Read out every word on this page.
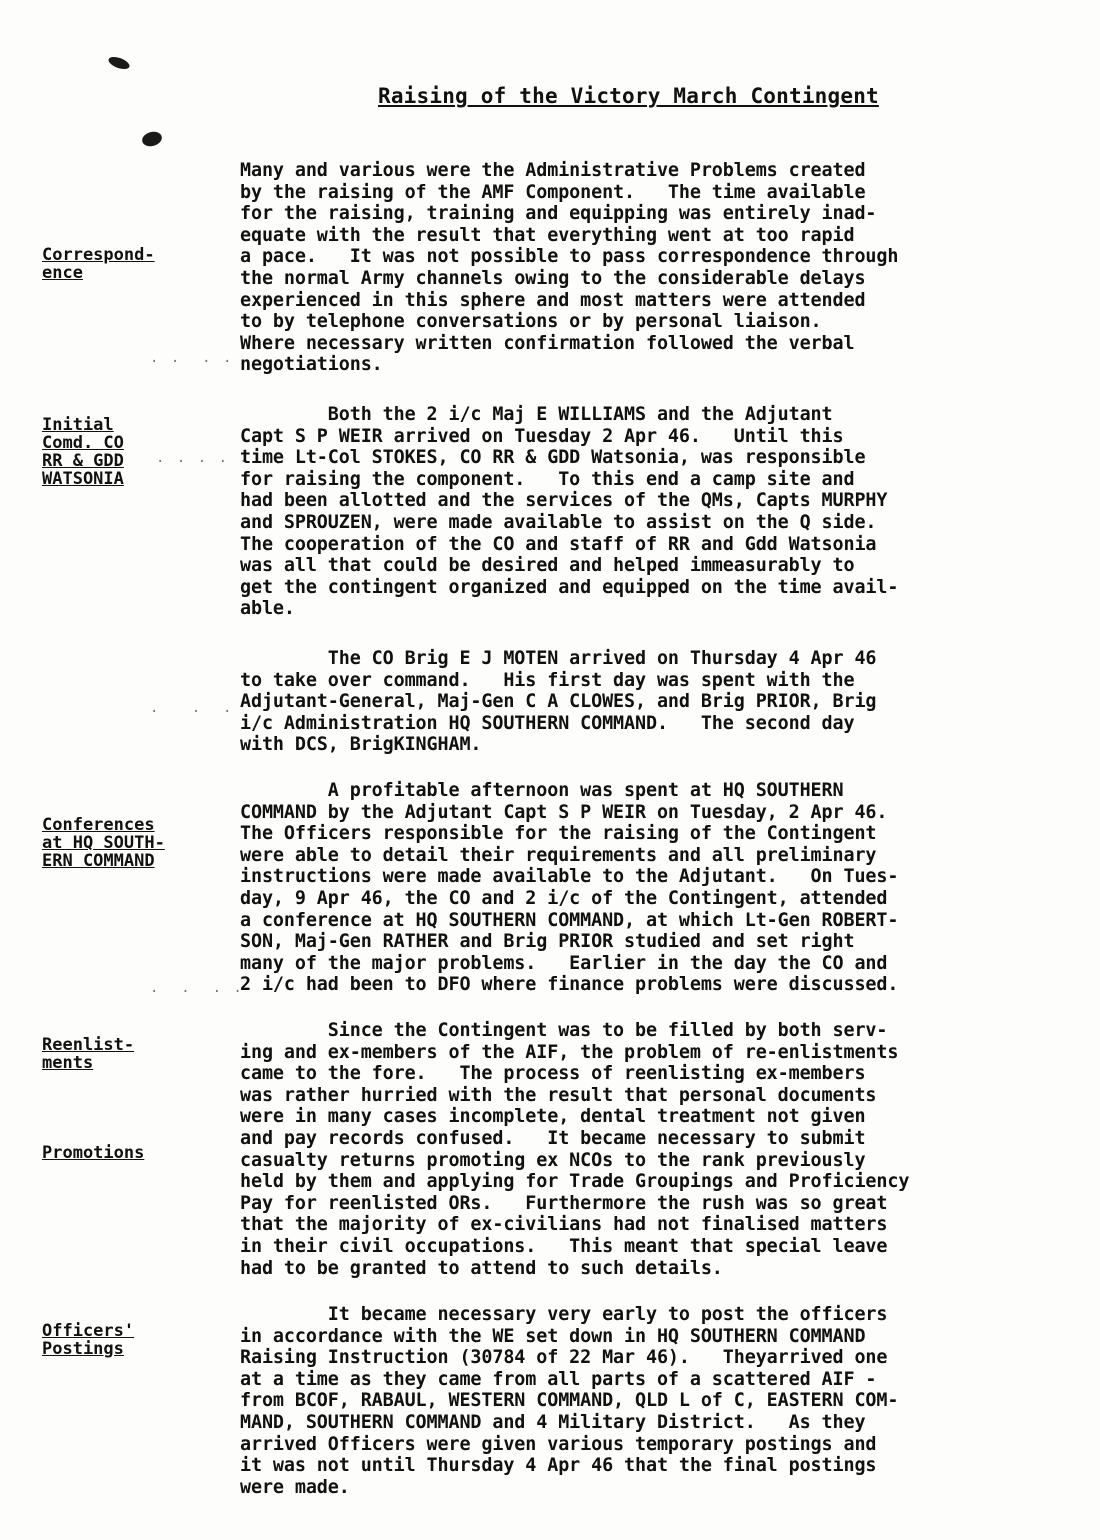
. .  . .
. . . . .
.   .  .
.  .  . .
Raising of the Victory March Contingent
Correspond-
ence
Initial
Comd. CO
RR & GDD
WATSONIA
Conferences
at HQ SOUTH-
ERN COMMAND
Reenlist-
ments
Promotions
Officers'
Postings

Many and various were the Administrative Problems created
by the raising of the AMF Component.   The time available
for the raising, training and equipping was entirely inad-
equate with the result that everything went at too rapid
a pace.   It was not possible to pass correspondence through
the normal Army channels owing to the considerable delays
experienced in this sphere and most matters were attended
to by telephone conversations or by personal liaison.
Where necessary written confirmation followed the verbal
negotiations.

Both the 2 i/c Maj E WILLIAMS and the Adjutant
Capt S P WEIR arrived on Tuesday 2 Apr 46.   Until this
time Lt-Col STOKES, CO RR & GDD Watsonia, was responsible
for raising the component.   To this end a camp site and
had been allotted and the services of the QMs, Capts MURPHY
and SPROUZEN, were made available to assist on the Q side.
The cooperation of the CO and staff of RR and Gdd Watsonia
was all that could be desired and helped immeasurably to
get the contingent organized and equipped on the time avail-
able.

The CO Brig E J MOTEN arrived on Thursday 4 Apr 46
to take over command.   His first day was spent with the
Adjutant-General, Maj-Gen C A CLOWES, and Brig PRIOR, Brig
i/c Administration HQ SOUTHERN COMMAND.   The second day
with DCS, BrigKINGHAM.

A profitable afternoon was spent at HQ SOUTHERN
COMMAND by the Adjutant Capt S P WEIR on Tuesday, 2 Apr 46.
The Officers responsible for the raising of the Contingent
were able to detail their requirements and all preliminary
instructions were made available to the Adjutant.   On Tues-
day, 9 Apr 46, the CO and 2 i/c of the Contingent, attended
a conference at HQ SOUTHERN COMMAND, at which Lt-Gen ROBERT-
SON, Maj-Gen RATHER and Brig PRIOR studied and set right
many of the major problems.   Earlier in the day the CO and
2 i/c had been to DFO where finance problems were discussed.

Since the Contingent was to be filled by both serv-
ing and ex-members of the AIF, the problem of re-enlistments
came to the fore.   The process of reenlisting ex-members
was rather hurried with the result that personal documents
were in many cases incomplete, dental treatment not given
and pay records confused.   It became necessary to submit
casualty returns promoting ex NCOs to the rank previously
held by them and applying for Trade Groupings and Proficiency
Pay for reenlisted ORs.   Furthermore the rush was so great
that the majority of ex-civilians had not finalised matters
in their civil occupations.   This meant that special leave
had to be granted to attend to such details.

It became necessary very early to post the officers
in accordance with the WE set down in HQ SOUTHERN COMMAND
Raising Instruction (30784 of 22 Mar 46).   Theyarrived one
at a time as they came from all parts of a scattered AIF -
from BCOF, RABAUL, WESTERN COMMAND, QLD L of C, EASTERN COM-
MAND, SOUTHERN COMMAND and 4 Military District.   As they
arrived Officers were given various temporary postings and
it was not until Thursday 4 Apr 46 that the final postings
were made.
